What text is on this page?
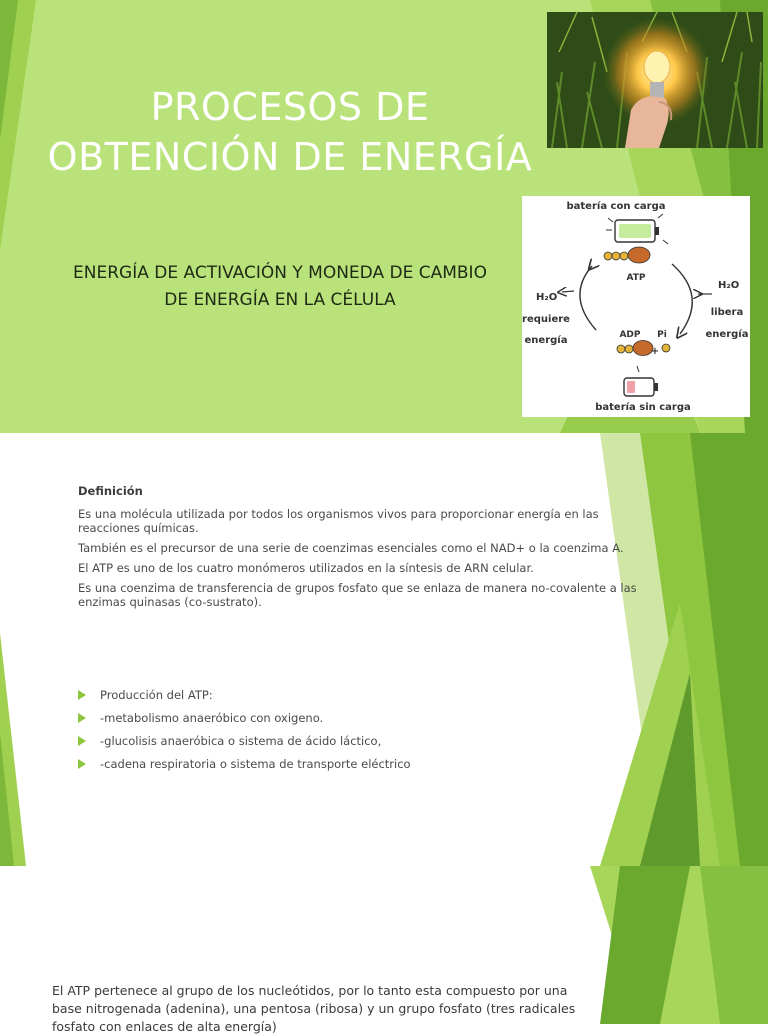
PROCESOS DE
OBTENCIÓN DE ENERGÍA
ENERGÍA DE ACTIVACIÓN Y MONEDA DE CAMBIO
DE ENERGÍA EN LA CÉLULA
batería con carga
ATP
H₂O
H₂O
requiere
energía
libera
energía
ADP Pi
+
batería sin carga
Definición

Es una molécula utilizada por todos los organismos vivos para proporcionar energía en las reacciones químicas.

También es el precursor de una serie de coenzimas esenciales como el NAD+ o la coenzima A.

El ATP es uno de los cuatro monómeros utilizados en la síntesis de ARN celular.

Es una coenzima de transferencia de grupos fosfato que se enlaza de manera no-covalente a las enzimas quinasas (co-sustrato).

Producción del ATP:
-metabolismo anaeróbico con oxigeno.
-glucolisis anaeróbica o sistema de ácido láctico,
-cadena respiratoria o sistema de transporte eléctrico
El ATP pertenece al grupo de los nucleótidos, por lo tanto esta compuesto por una
base nitrogenada (adenina), una pentosa (ribosa) y un grupo fosfato (tres radicales
fosfato con enlaces de alta energía)
